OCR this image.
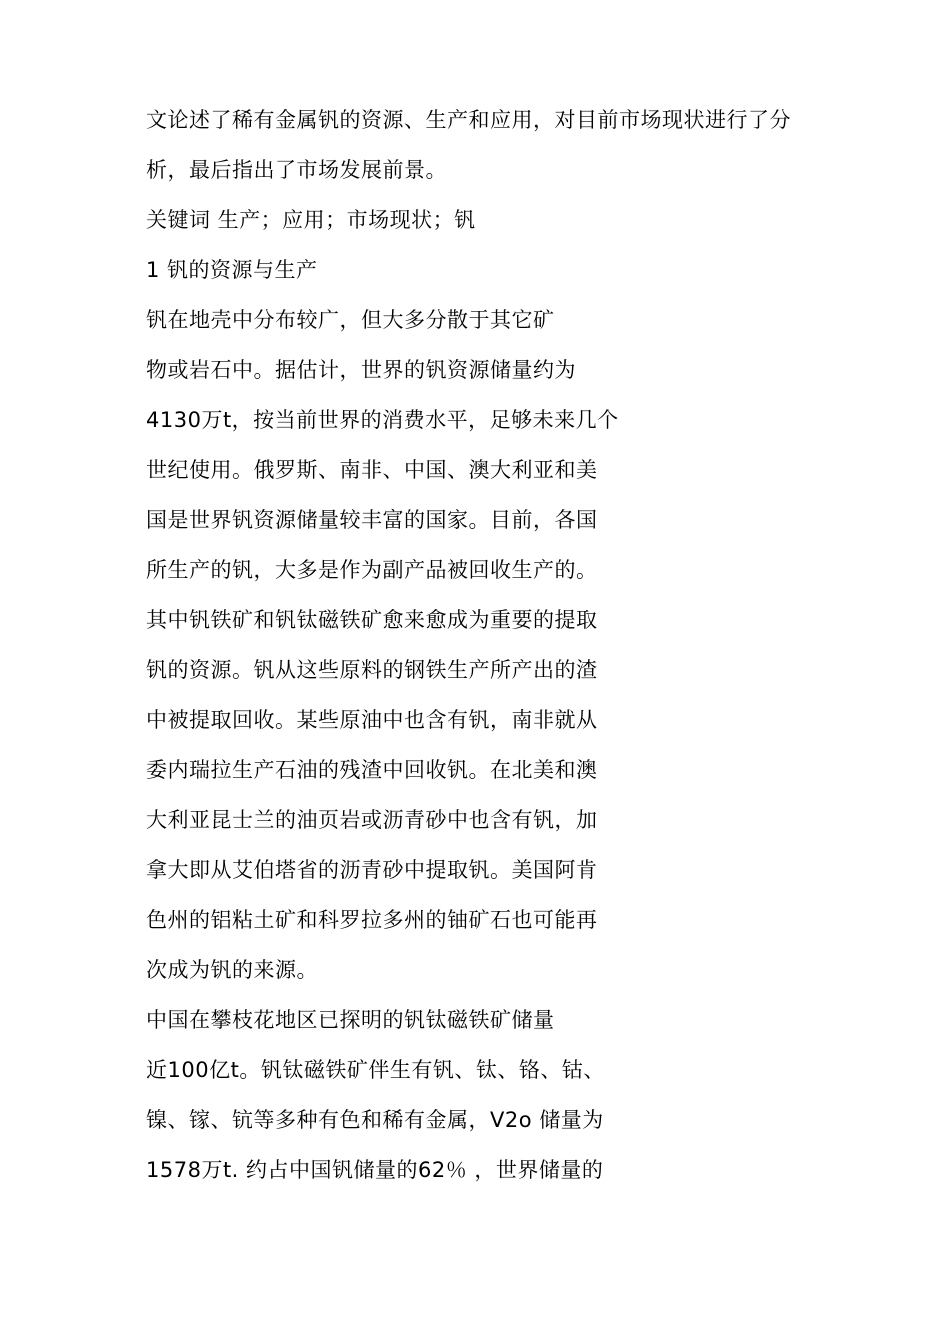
文论述了稀有金属钒的资源、生产和应用，对目前市场现状进行了分
析，最后指出了市场发展前景。
关键词 生产；应用；市场现状；钒
1 钒的资源与生产
钒在地壳中分布较广，但大多分散于其它矿
物或岩石中。据估计，世界的钒资源储量约为
4130万t，按当前世界的消费水平，足够未来几个
世纪使用。俄罗斯、南非、中国、澳大利亚和美
国是世界钒资源储量较丰富的国家。目前，各国
所生产的钒，大多是作为副产品被回收生产的。
其中钒铁矿和钒钛磁铁矿愈来愈成为重要的提取
钒的资源。钒从这些原料的钢铁生产所产出的渣
中被提取回收。某些原油中也含有钒，南非就从
委内瑞拉生产石油的残渣中回收钒。在北美和澳
大利亚昆士兰的油页岩或沥青砂中也含有钒，加
拿大即从艾伯塔省的沥青砂中提取钒。美国阿肯
色州的铝粘土矿和科罗拉多州的铀矿石也可能再
次成为钒的来源。
中国在攀枝花地区已探明的钒钛磁铁矿储量
近100亿t。钒钛磁铁矿伴生有钒、钛、铬、钴、
镍、镓、钪等多种有色和稀有金属，V2o 储量为
1578万t. 约占中国钒储量的62％ ，世界储量的
